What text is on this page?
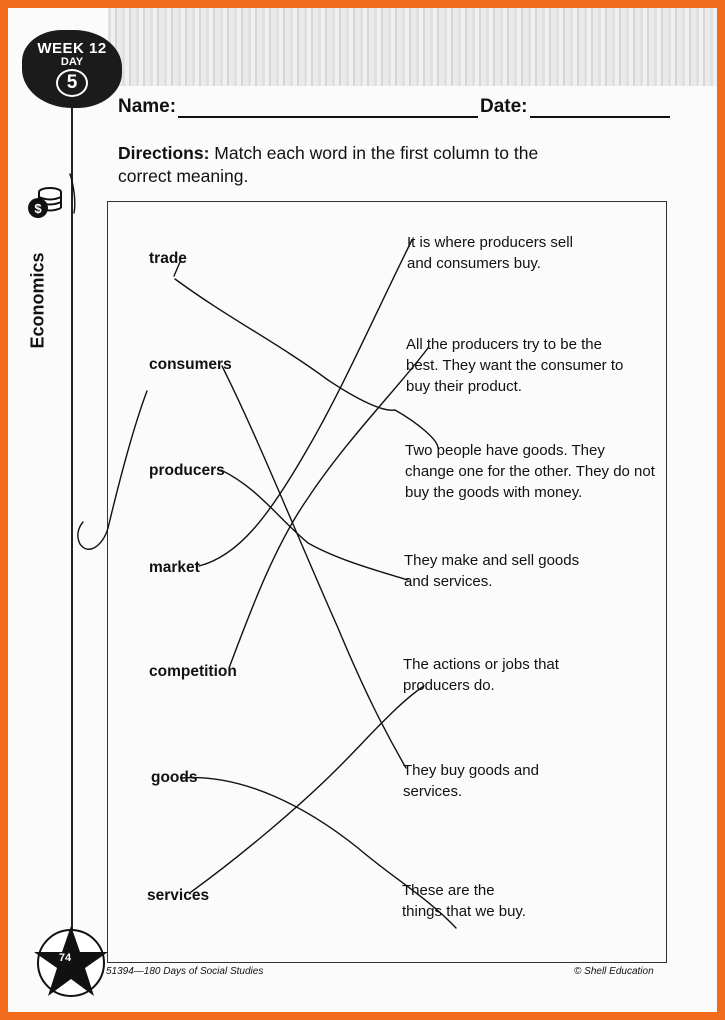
WEEK 12
DAY
5
$
Economics
Name:	Date:
Directions: Match each word in the first column to the correct meaning.
trade
consumers
producers
market
competition
goods
services
It is where producers sell and consumers buy.
All the producers try to be the best. They want the consumer to buy their product.
Two people have goods. They change one for the other. They do not buy the goods with money.
They make and sell goods and services.
The actions or jobs that producers do.
They buy goods and services.
These are the things that we buy.
74
51394—180 Days of Social Studies	© Shell Education
